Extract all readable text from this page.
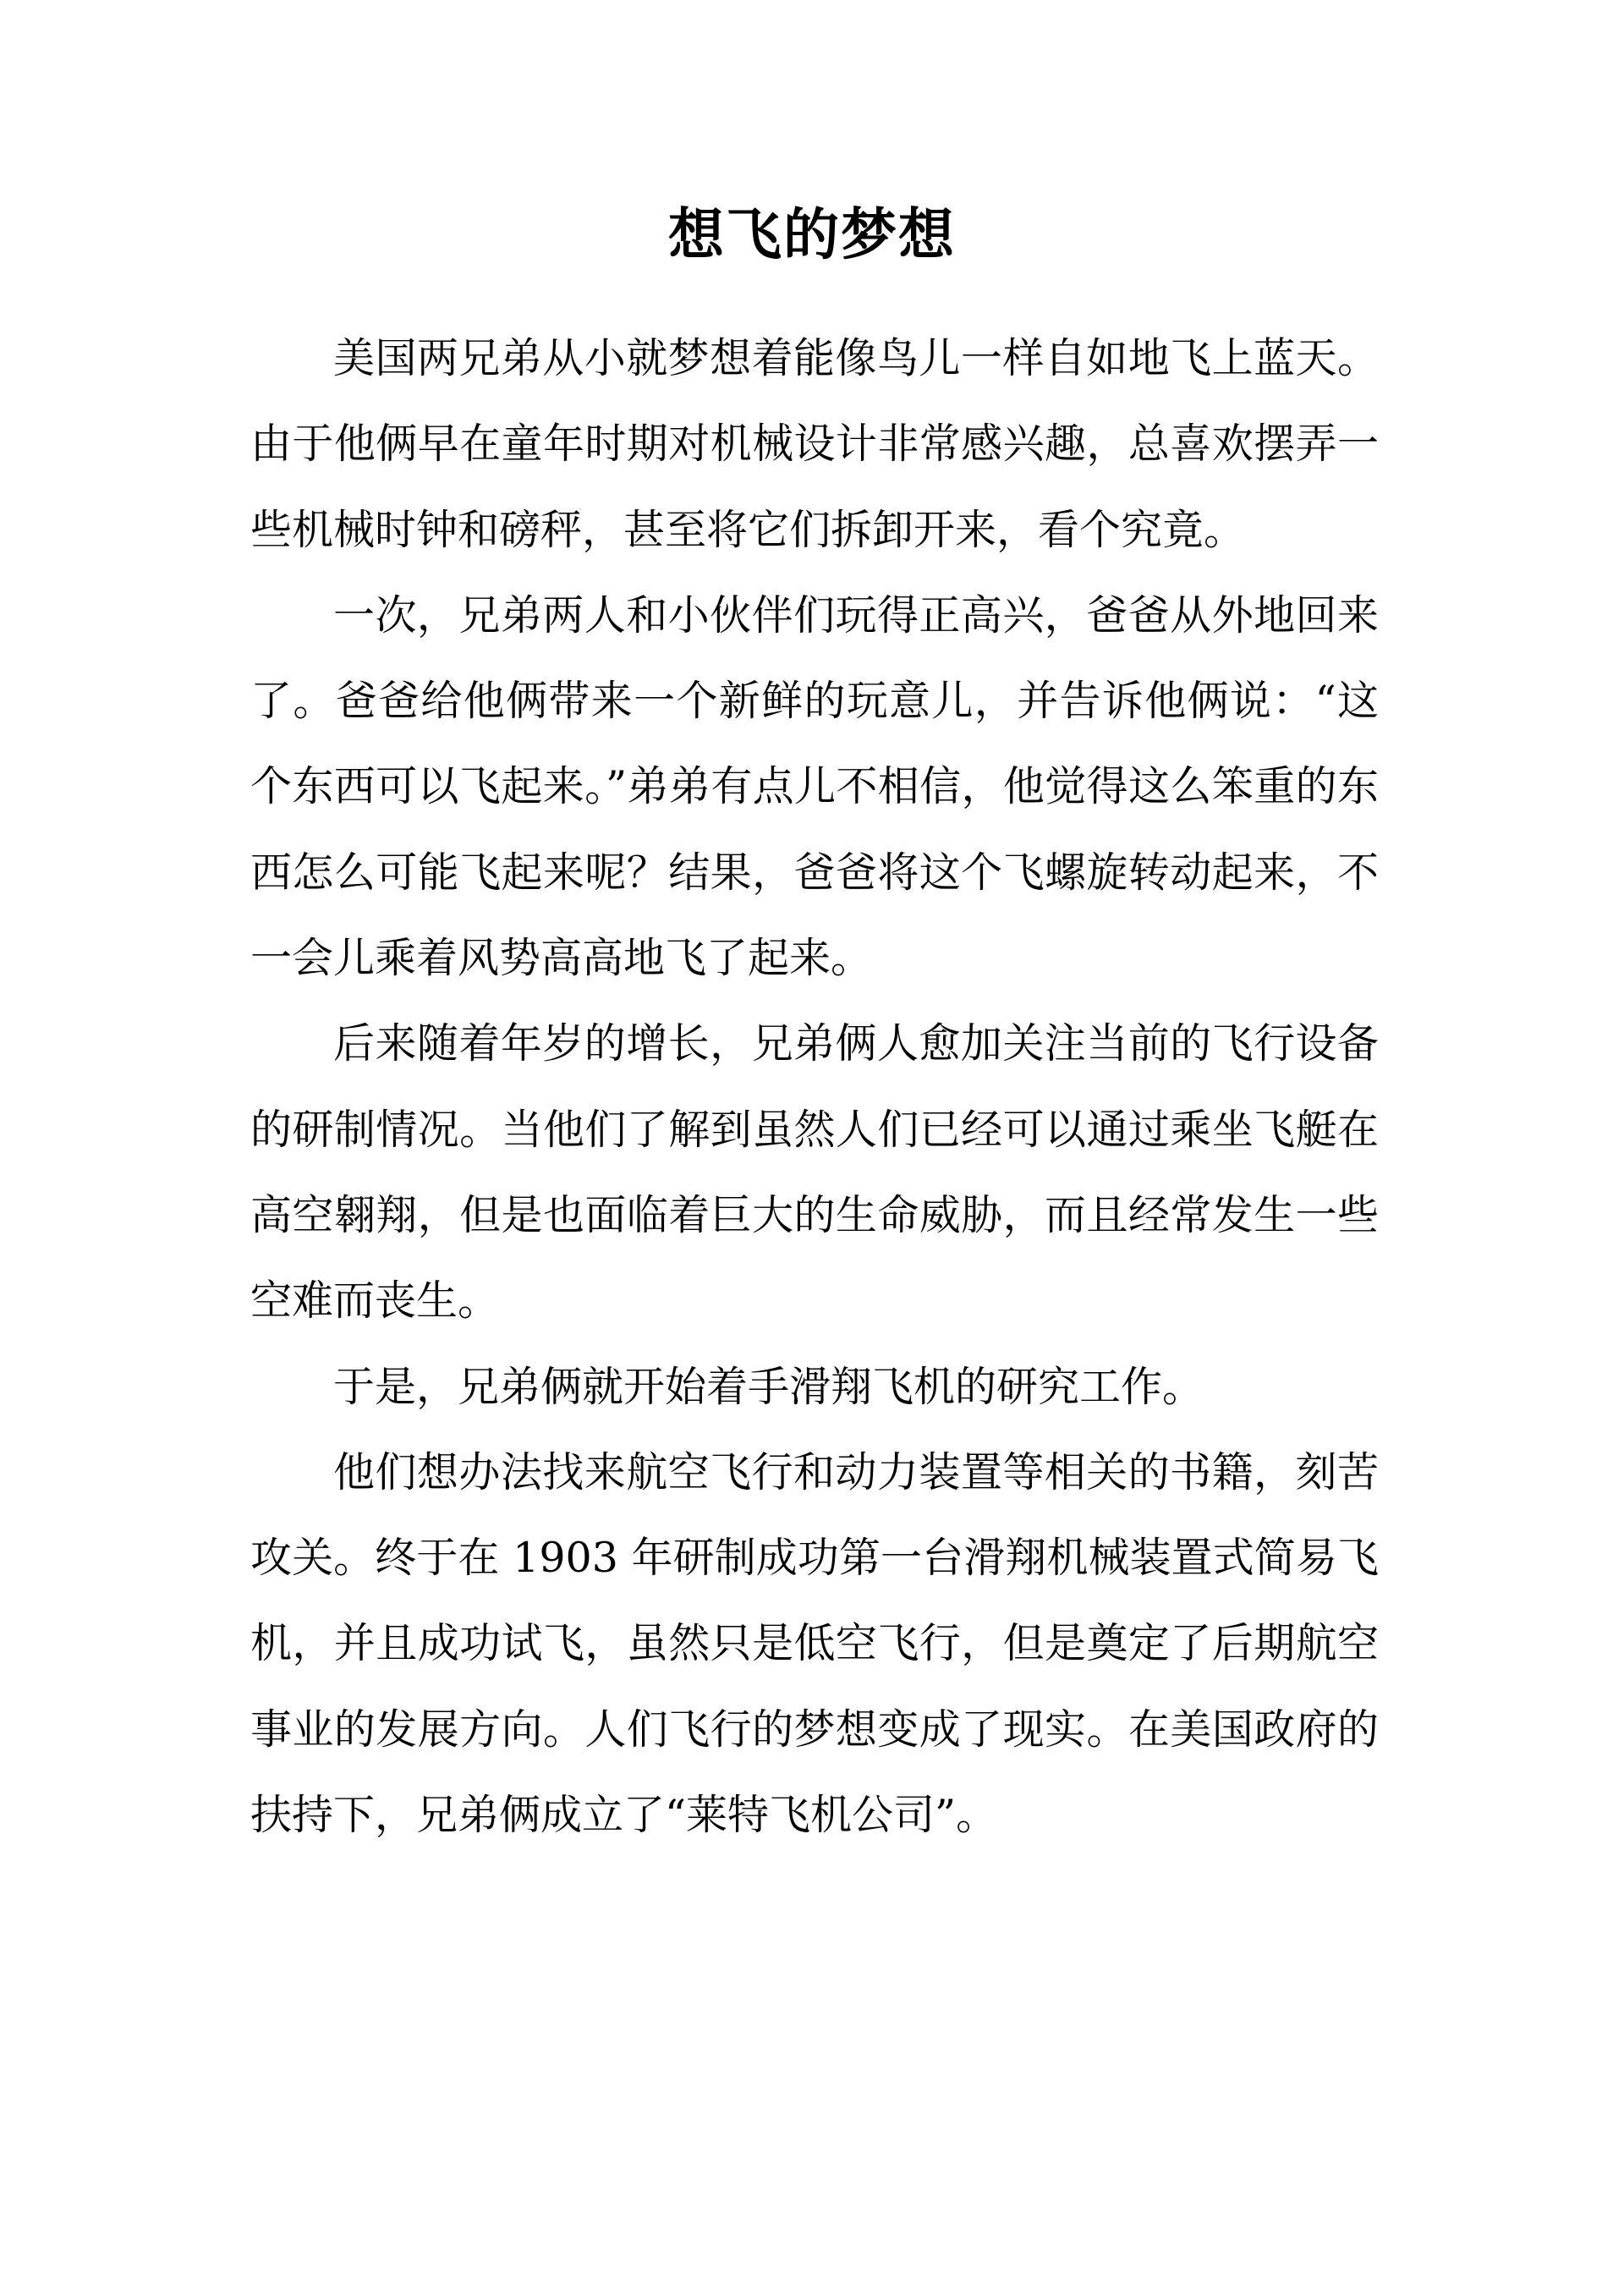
想飞的梦想

美国两兄弟从小就梦想着能像鸟儿一样自如地飞上蓝天。由于他俩早在童年时期对机械设计非常感兴趣，总喜欢摆弄一些机械时钟和磅秤，甚至将它们拆卸开来，看个究竟。

一次，兄弟两人和小伙伴们玩得正高兴，爸爸从外地回来了。爸爸给他俩带来一个新鲜的玩意儿，并告诉他俩说：“这个东西可以飞起来。”弟弟有点儿不相信，他觉得这么笨重的东西怎么可能飞起来呢？结果，爸爸将这个飞螺旋转动起来，不一会儿乘着风势高高地飞了起来。

后来随着年岁的增长，兄弟俩人愈加关注当前的飞行设备的研制情况。当他们了解到虽然人们已经可以通过乘坐飞艇在高空翱翔，但是也面临着巨大的生命威胁，而且经常发生一些空难而丧生。

于是，兄弟俩就开始着手滑翔飞机的研究工作。

他们想办法找来航空飞行和动力装置等相关的书籍，刻苦攻关。终于在 1903 年研制成功第一台滑翔机械装置式简易飞机，并且成功试飞，虽然只是低空飞行，但是奠定了后期航空事业的发展方向。人们飞行的梦想变成了现实。在美国政府的扶持下，兄弟俩成立了“莱特飞机公司”。
